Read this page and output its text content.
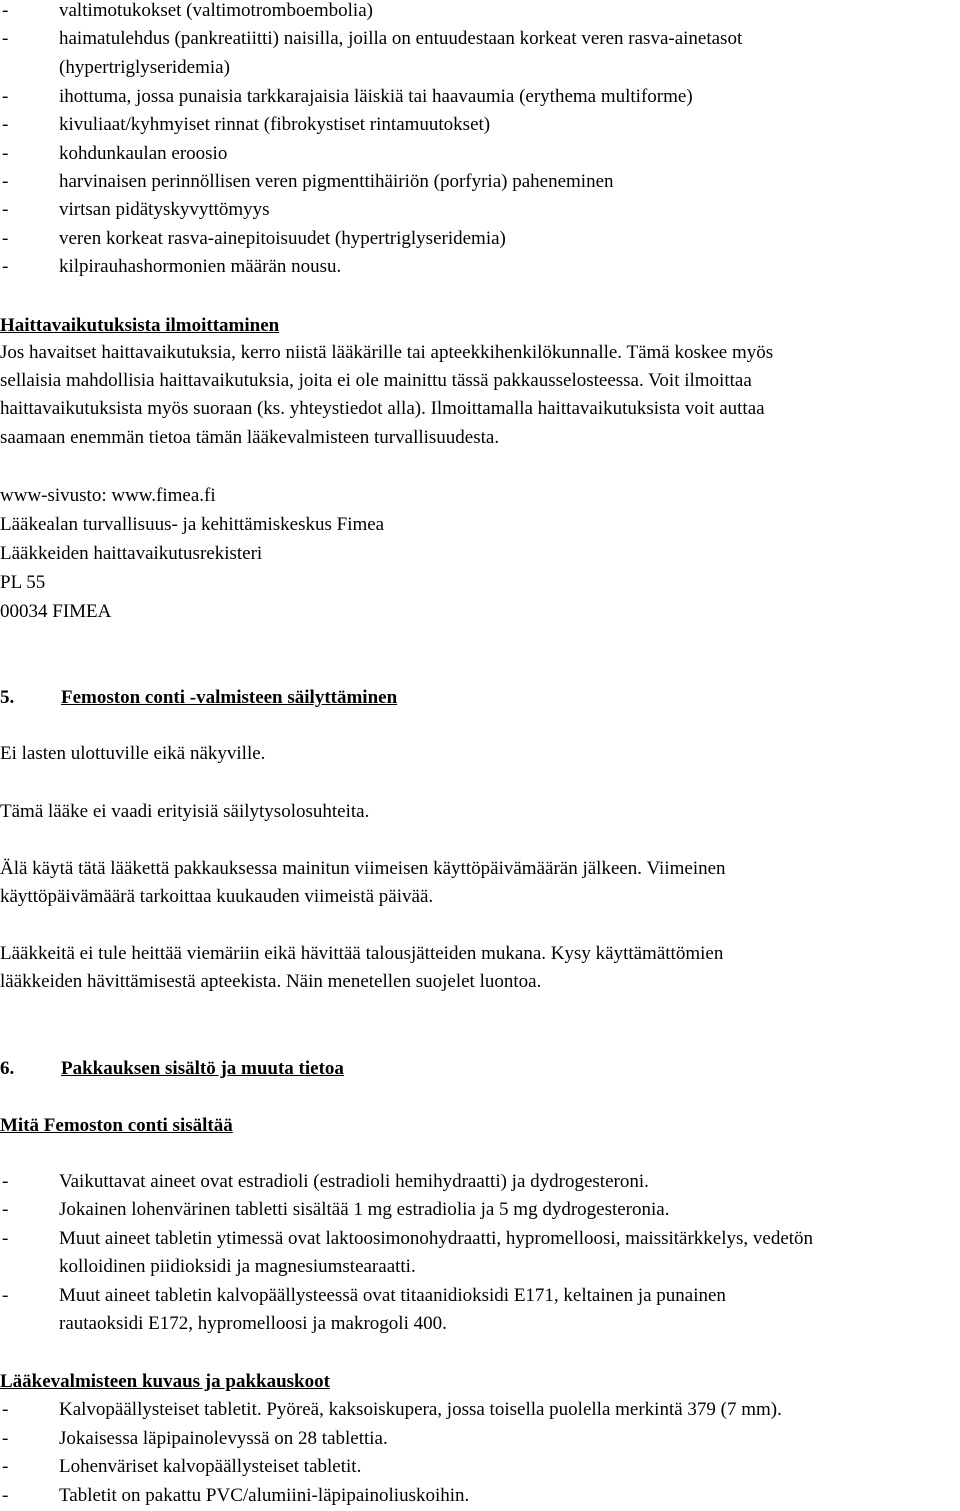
-	valtimotukokset (valtimotromboembolia)
-	haimatulehdus (pankreatiitti) naisilla, joilla on entuudestaan korkeat veren rasva-ainetasot
(hypertriglyseridemia)
-	ihottuma, jossa punaisia tarkkarajaisia läiskiä tai haavaumia (erythema multiforme)
-	kivuliaat/kyhmyiset rinnat (fibrokystiset rintamuutokset)
-	kohdunkaulan eroosio
-	harvinaisen perinnöllisen veren pigmenttihäiriön (porfyria) paheneminen
-	virtsan pidätyskyvyttömyys
-	veren korkeat rasva-ainepitoisuudet (hypertriglyseridemia)
-	kilpirauhashormonien määrän nousu.
Haittavaikutuksista ilmoittaminen
Jos havaitset haittavaikutuksia, kerro niistä lääkärille tai apteekkihenkilökunnalle. Tämä koskee myös
sellaisia mahdollisia haittavaikutuksia, joita ei ole mainittu tässä pakkausselosteessa. Voit ilmoittaa
haittavaikutuksista myös suoraan (ks. yhteystiedot alla). Ilmoittamalla haittavaikutuksista voit auttaa
saamaan enemmän tietoa tämän lääkevalmisteen turvallisuudesta.
www-sivusto: www.fimea.fi
Lääkealan turvallisuus- ja kehittämiskeskus Fimea
Lääkkeiden haittavaikutusrekisteri
PL 55
00034 FIMEA
5. Femoston conti -valmisteen säilyttäminen
Ei lasten ulottuville eikä näkyville.
Tämä lääke ei vaadi erityisiä säilytysolosuhteita.
Älä käytä tätä lääkettä pakkauksessa mainitun viimeisen käyttöpäivämäärän jälkeen. Viimeinen
käyttöpäivämäärä tarkoittaa kuukauden viimeistä päivää.
Lääkkeitä ei tule heittää viemäriin eikä hävittää talousjätteiden mukana. Kysy käyttämättömien
lääkkeiden hävittämisestä apteekista. Näin menetellen suojelet luontoa.
6. Pakkauksen sisältö ja muuta tietoa
Mitä Femoston conti sisältää
-	Vaikuttavat aineet ovat estradioli (estradioli hemihydraatti) ja dydrogesteroni.
-	Jokainen lohenvärinen tabletti sisältää 1 mg estradiolia ja 5 mg dydrogesteronia.
-	Muut aineet tabletin ytimessä ovat laktoosimonohydraatti, hypromelloosi, maissitärkkelys, vedetön
kolloidinen piidioksidi ja magnesiumstearaatti.
-	Muut aineet tabletin kalvopäällysteessä ovat titaanidioksidi E171, keltainen ja punainen
rautaoksidi E172, hypromelloosi ja makrogoli 400.
Lääkevalmisteen kuvaus ja pakkauskoot
-	Kalvopäällysteiset tabletit. Pyöreä, kaksoiskupera, jossa toisella puolella merkintä 379 (7 mm).
-	Jokaisessa läpipainolevyssä on 28 tablettia.
-	Lohenväriset kalvopäällysteiset tabletit.
-	Tabletit on pakattu PVC/alumiini-läpipainoliuskoihin.
